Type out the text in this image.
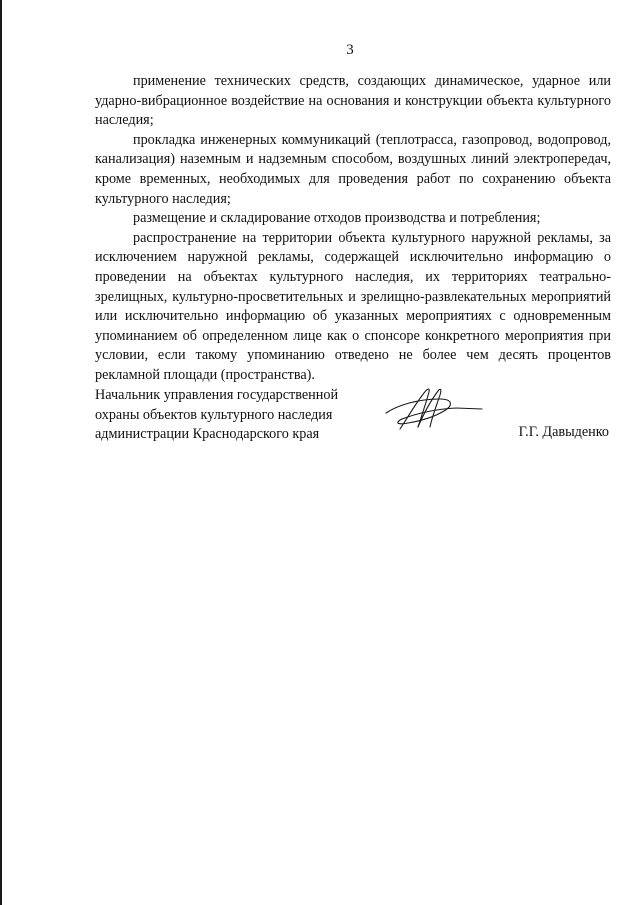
3

применение технических средств, создающих динамическое, ударное или ударно-вибрационное воздействие на основания и конструкции объекта культурного наследия;

прокладка инженерных коммуникаций (теплотрасса, газопровод, водопровод, канализация) наземным и надземным способом, воздушных линий электропередач, кроме временных, необходимых для проведения работ по сохранению объекта культурного наследия;

размещение и складирование отходов производства и потребления;

распространение на территории объекта культурного наружной рекламы, за исключением наружной рекламы, содержащей исключительно информацию о проведении на объектах культурного наследия, их территориях театрально-зрелищных, культурно-просветительных и зрелищно-развлекательных мероприятий или исключительно информацию об указанных мероприятиях с одновременным упоминанием об определенном лице как о спонсоре конкретного мероприятия при условии, если такому упоминанию отведено не более чем десять процентов рекламной площади (пространства).

Начальник управления государственной
охраны объектов культурного наследия
администрации Краснодарского края	Г.Г. Давыденко
